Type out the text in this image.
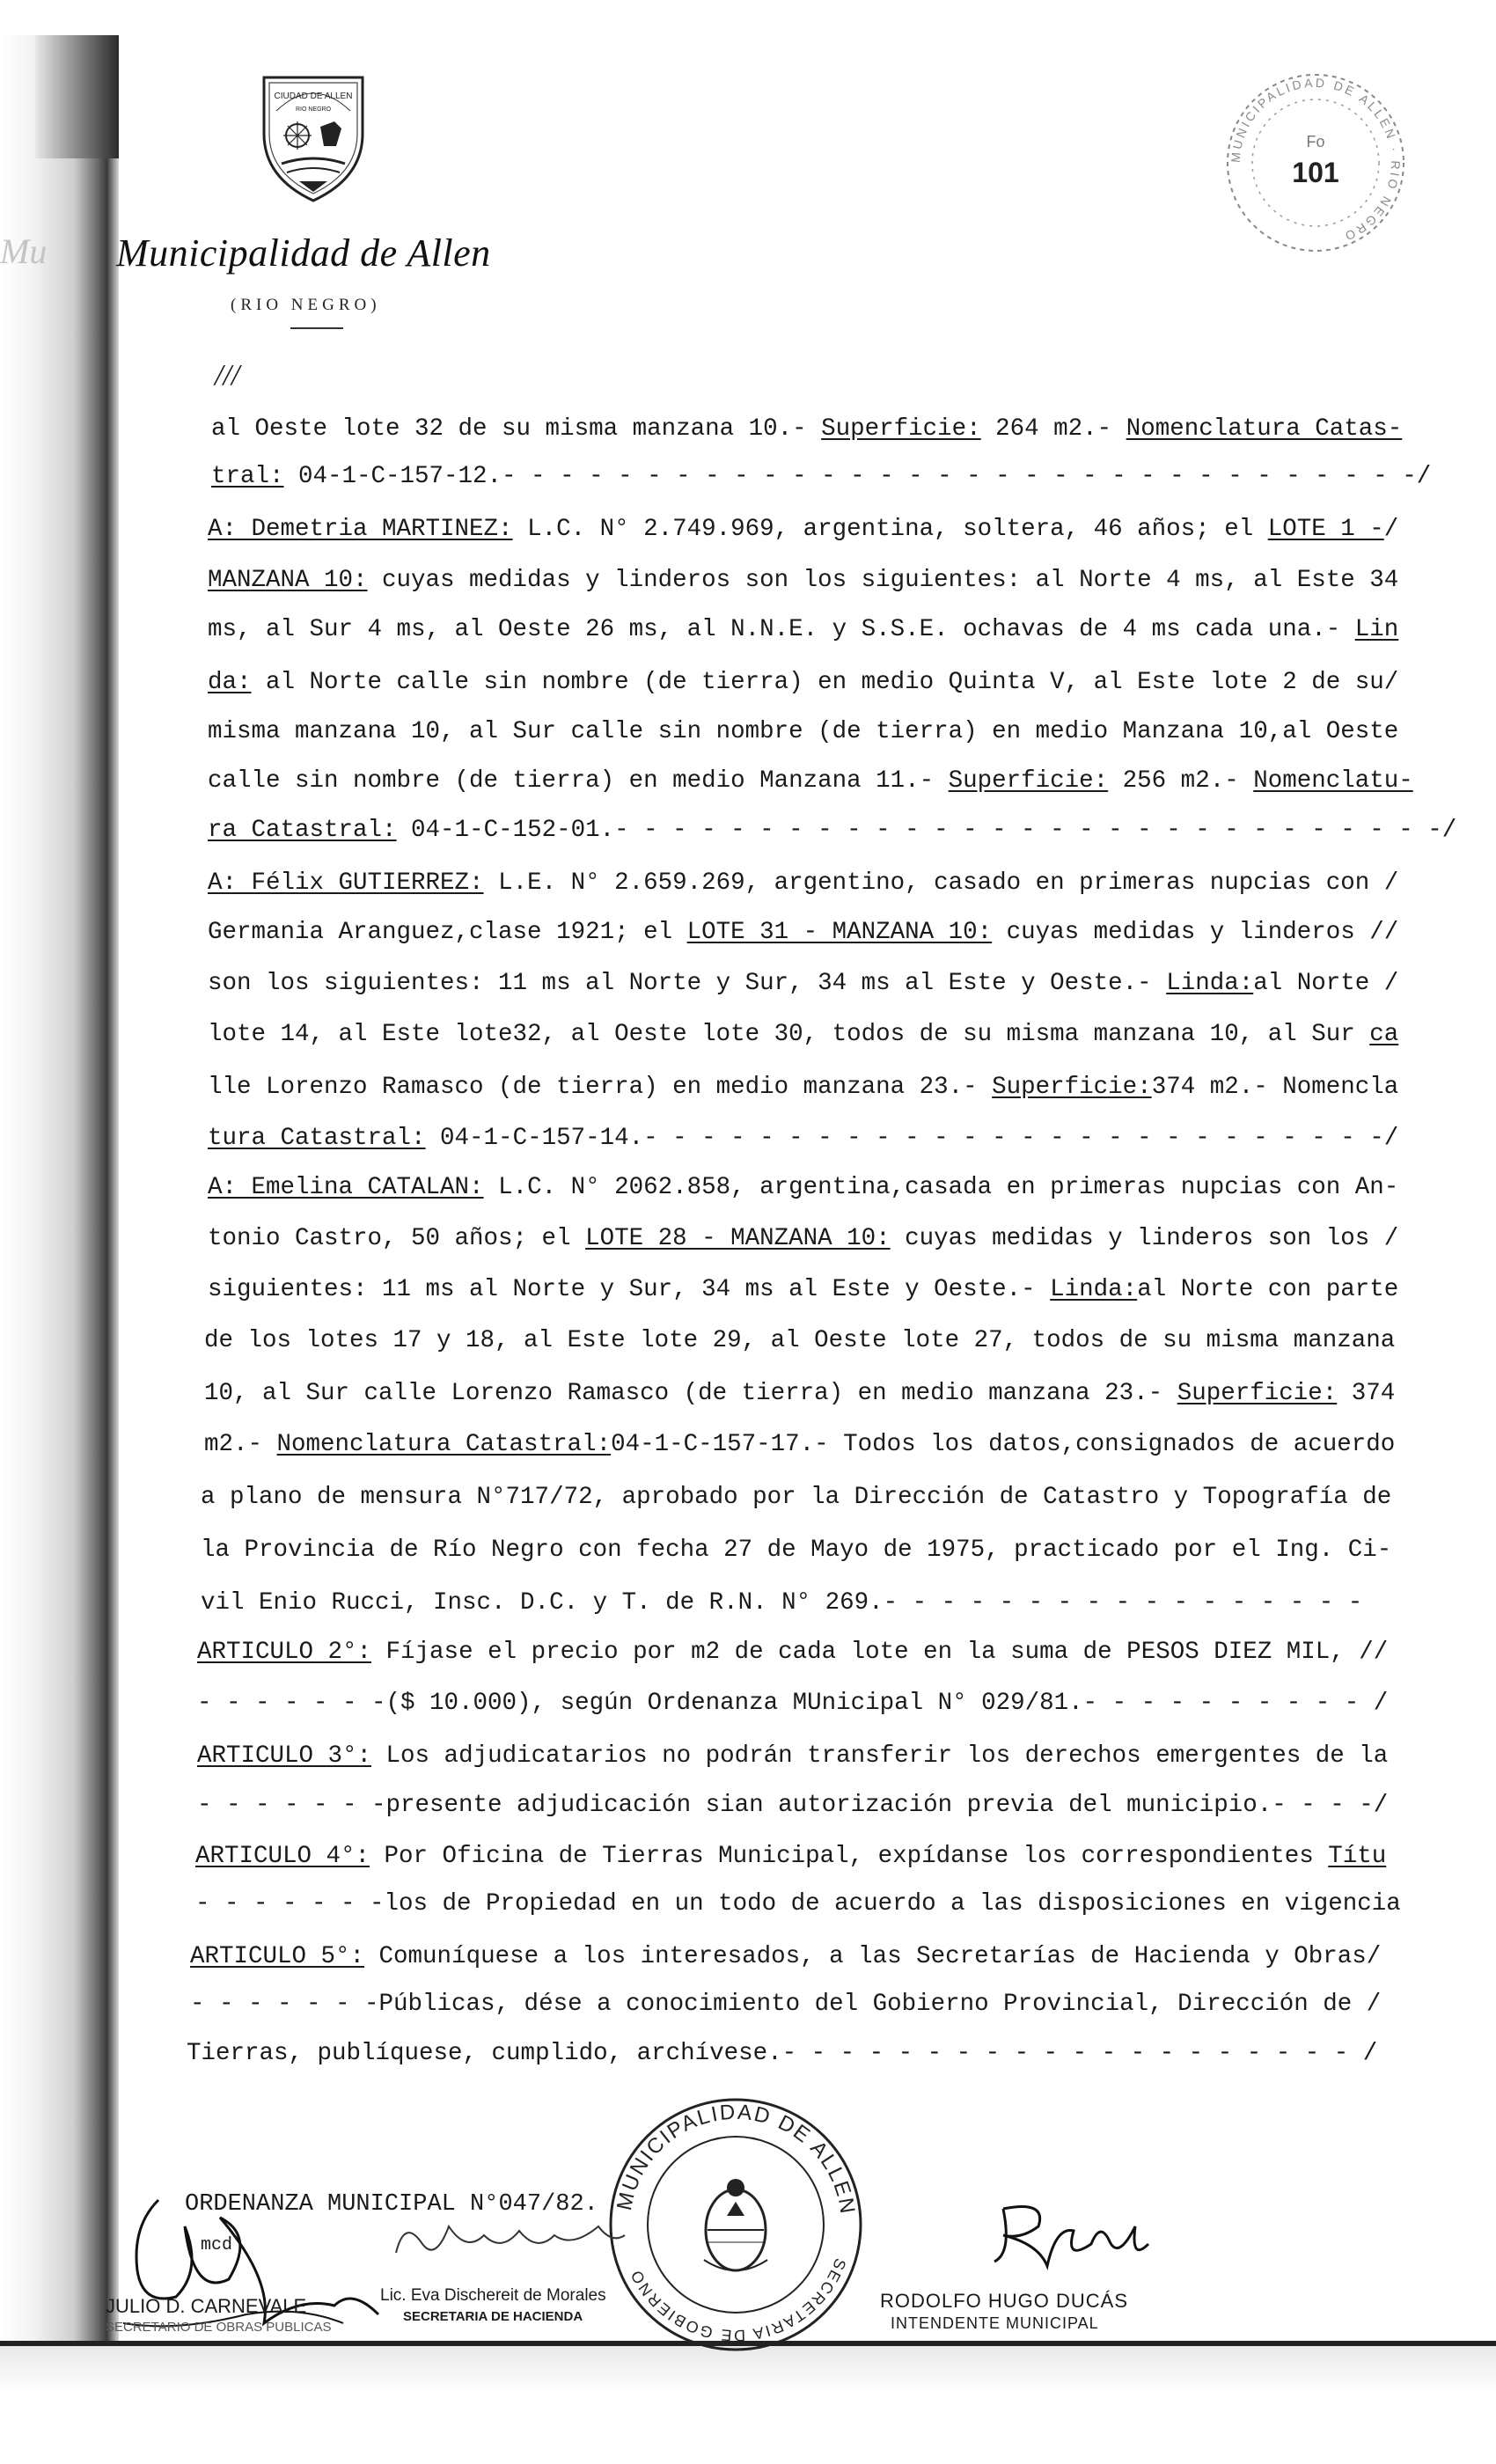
CIUDAD DE ALLEN
RIO NEGRO
Mu Municipalidad de Allen
(RIO NEGRO)
MUNICIPALIDAD DE ALLEN · RIO NEGRO
Fo
101
///
al Oeste lote 32 de su misma manzana 10.- Superficie: 264 m2.- Nomenclatura Catas-
tral: 04-1-C-157-12.- - - - - - - - - - - - - - - - - - - - - - - - - - - - - - - -/
A: Demetria MARTINEZ: L.C. N° 2.749.969, argentina, soltera, 46 años; el LOTE 1 -/
MANZANA 10: cuyas medidas y linderos son los siguientes: al Norte 4 ms, al Este 34
ms, al Sur 4 ms, al Oeste 26 ms, al N.N.E. y S.S.E. ochavas de 4 ms cada una.- Lin
da: al Norte calle sin nombre (de tierra) en medio Quinta V, al Este lote 2 de su/
misma manzana 10, al Sur calle sin nombre (de tierra) en medio Manzana 10,al Oeste
calle sin nombre (de tierra) en medio Manzana 11.- Superficie: 256 m2.- Nomenclatu-
ra Catastral: 04-1-C-152-01.- - - - - - - - - - - - - - - - - - - - - - - - - - - - -/
A: Félix GUTIERREZ: L.E. N° 2.659.269, argentino, casado en primeras nupcias con /
Germania Aranguez,clase 1921; el LOTE 31 - MANZANA 10: cuyas medidas y linderos //
son los siguientes: 11 ms al Norte y Sur, 34 ms al Este y Oeste.- Linda:al Norte /
lote 14, al Este lote32, al Oeste lote 30, todos de su misma manzana 10, al Sur ca
lle Lorenzo Ramasco (de tierra) en medio manzana 23.- Superficie:374 m2.- Nomencla
tura Catastral: 04-1-C-157-14.- - - - - - - - - - - - - - - - - - - - - - - - - -/
A: Emelina CATALAN: L.C. N° 2062.858, argentina,casada en primeras nupcias con An-
tonio Castro, 50 años; el LOTE 28 - MANZANA 10: cuyas medidas y linderos son los /
siguientes: 11 ms al Norte y Sur, 34 ms al Este y Oeste.- Linda:al Norte con parte
de los lotes 17 y 18, al Este lote 29, al Oeste lote 27, todos de su misma manzana
10, al Sur calle Lorenzo Ramasco (de tierra) en medio manzana 23.- Superficie: 374
m2.- Nomenclatura Catastral:04-1-C-157-17.- Todos los datos,consignados de acuerdo
a plano de mensura N°717/72, aprobado por la Dirección de Catastro y Topografía de
la Provincia de Río Negro con fecha 27 de Mayo de 1975, practicado por el Ing. Ci-
vil Enio Rucci, Insc. D.C. y T. de R.N. N° 269.- - - - - - - - - - - - - - - - -
ARTICULO 2°: Fíjase el precio por m2 de cada lote en la suma de PESOS DIEZ MIL, //
- - - - - - -($ 10.000), según Ordenanza MUnicipal N° 029/81.- - - - - - - - - - /
ARTICULO 3°: Los adjudicatarios no podrán transferir los derechos emergentes de la
- - - - - - -presente adjudicación sian autorización previa del municipio.- - - -/
ARTICULO 4°: Por Oficina de Tierras Municipal, expídanse los correspondientes Títu
- - - - - - -los de Propiedad en un todo de acuerdo a las disposiciones en vigencia
ARTICULO 5°: Comuníquese a los interesados, a las Secretarías de Hacienda y Obras/
- - - - - - -Públicas, dése a conocimiento del Gobierno Provincial, Dirección de /
Tierras, publíquese, cumplido, archívese.- - - - - - - - - - - - - - - - - - - - /
MUNICIPALIDAD DE ALLEN
SECRETARIA DE GOBIERNO
ORDENANZA MUNICIPAL N°047/82.
mcd
JULIO D. CARNEVALE
SECRETARIO DE OBRAS PUBLICAS
Lic. Eva Dischereit de Morales
SECRETARIA DE HACIENDA
RODOLFO HUGO DUCÁS
INTENDENTE MUNICIPAL
